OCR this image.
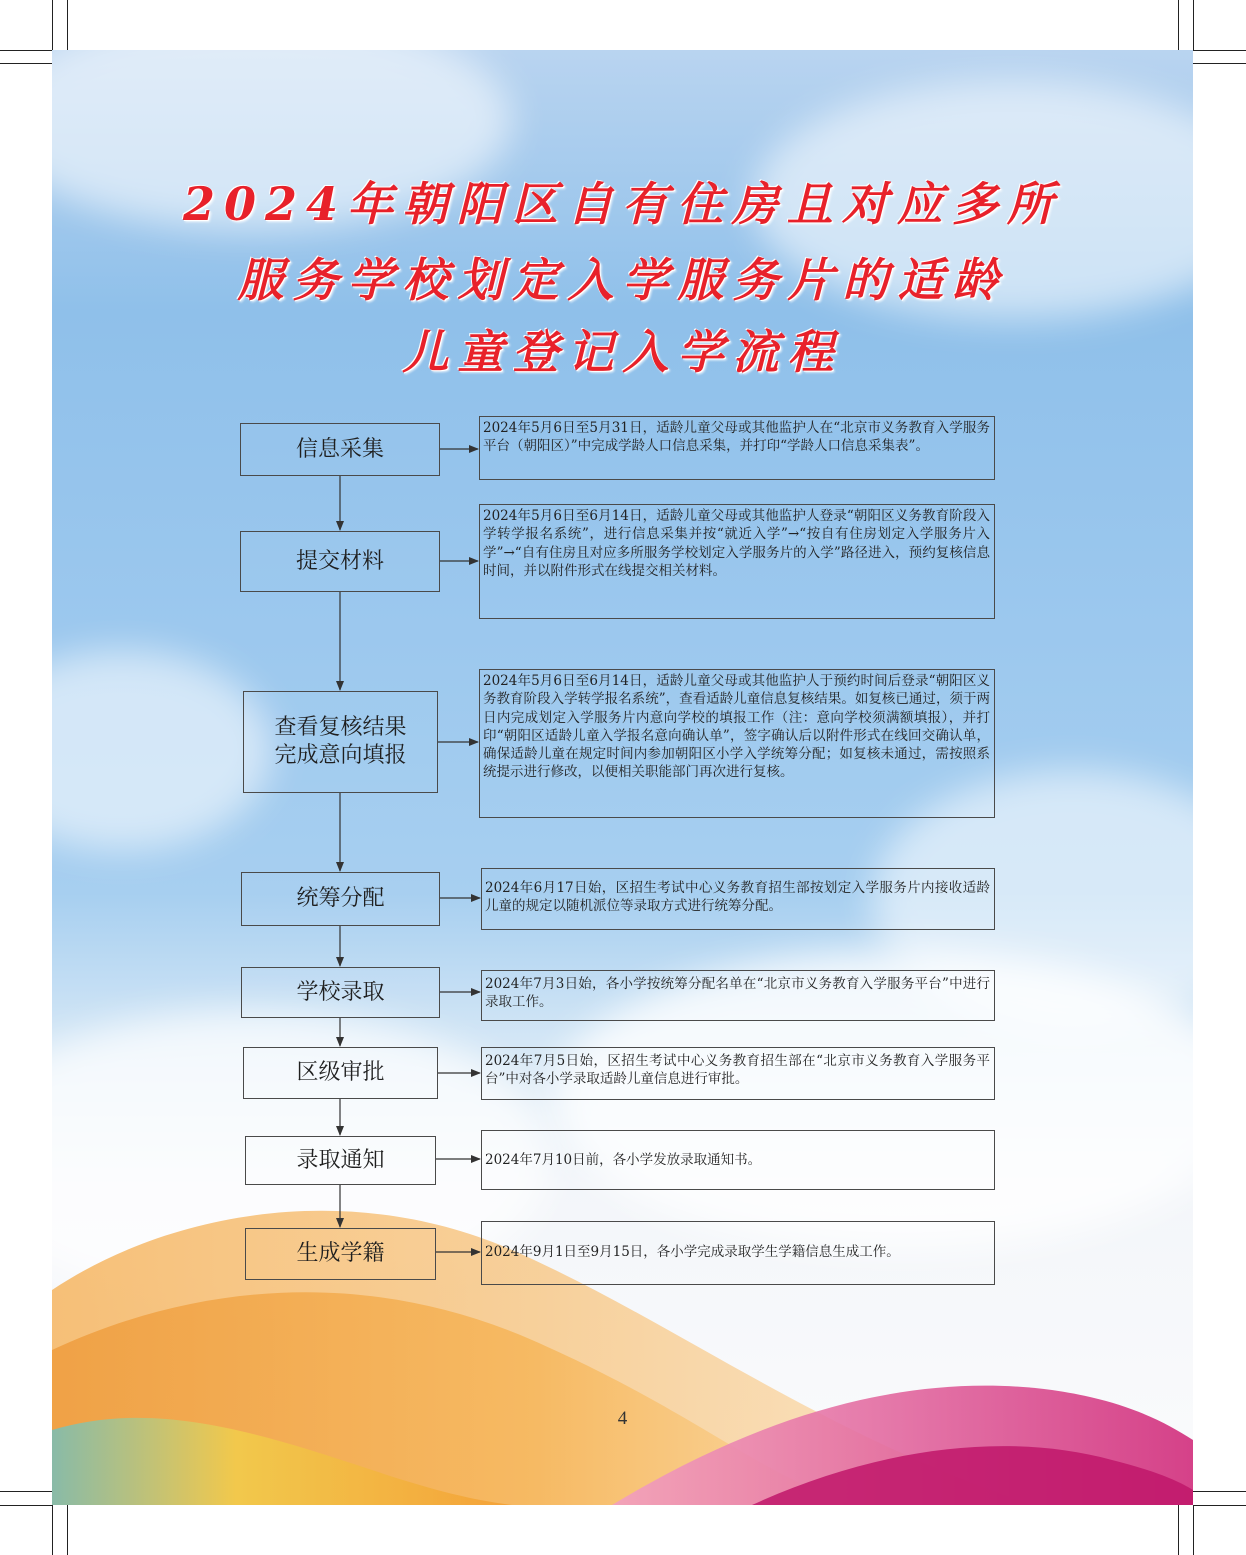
2024年朝阳区自有住房且对应多所
服务学校划定入学服务片的适龄
儿童登记入学流程
信息采集
提交材料
查看复核结果
完成意向填报
统筹分配
学校录取
区级审批
录取通知
生成学籍
2024年5月6日至5月31日，适龄儿童父母或其他监护人在“北京市义务教育入学服务平台（朝阳区）”中完成学龄人口信息采集，并打印“学龄人口信息采集表”。
2024年5月6日至6月14日，适龄儿童父母或其他监护人登录“朝阳区义务教育阶段入学转学报名系统”，进行信息采集并按“就近入学”→“按自有住房划定入学服务片入学”→“自有住房且对应多所服务学校划定入学服务片的入学”路径进入，预约复核信息时间，并以附件形式在线提交相关材料。
2024年5月6日至6月14日，适龄儿童父母或其他监护人于预约时间后登录“朝阳区义务教育阶段入学转学报名系统”，查看适龄儿童信息复核结果。如复核已通过，须于两日内完成划定入学服务片内意向学校的填报工作（注：意向学校须满额填报），并打印“朝阳区适龄儿童入学报名意向确认单”，签字确认后以附件形式在线回交确认单，确保适龄儿童在规定时间内参加朝阳区小学入学统筹分配；如复核未通过，需按照系统提示进行修改，以便相关职能部门再次进行复核。
2024年6月17日始，区招生考试中心义务教育招生部按划定入学服务片内接收适龄儿童的规定以随机派位等录取方式进行统筹分配。
2024年7月3日始，各小学按统筹分配名单在“北京市义务教育入学服务平台”中进行录取工作。
2024年7月5日始，区招生考试中心义务教育招生部在“北京市义务教育入学服务平台”中对各小学录取适龄儿童信息进行审批。
2024年7月10日前，各小学发放录取通知书。
2024年9月1日至9月15日，各小学完成录取学生学籍信息生成工作。
4
